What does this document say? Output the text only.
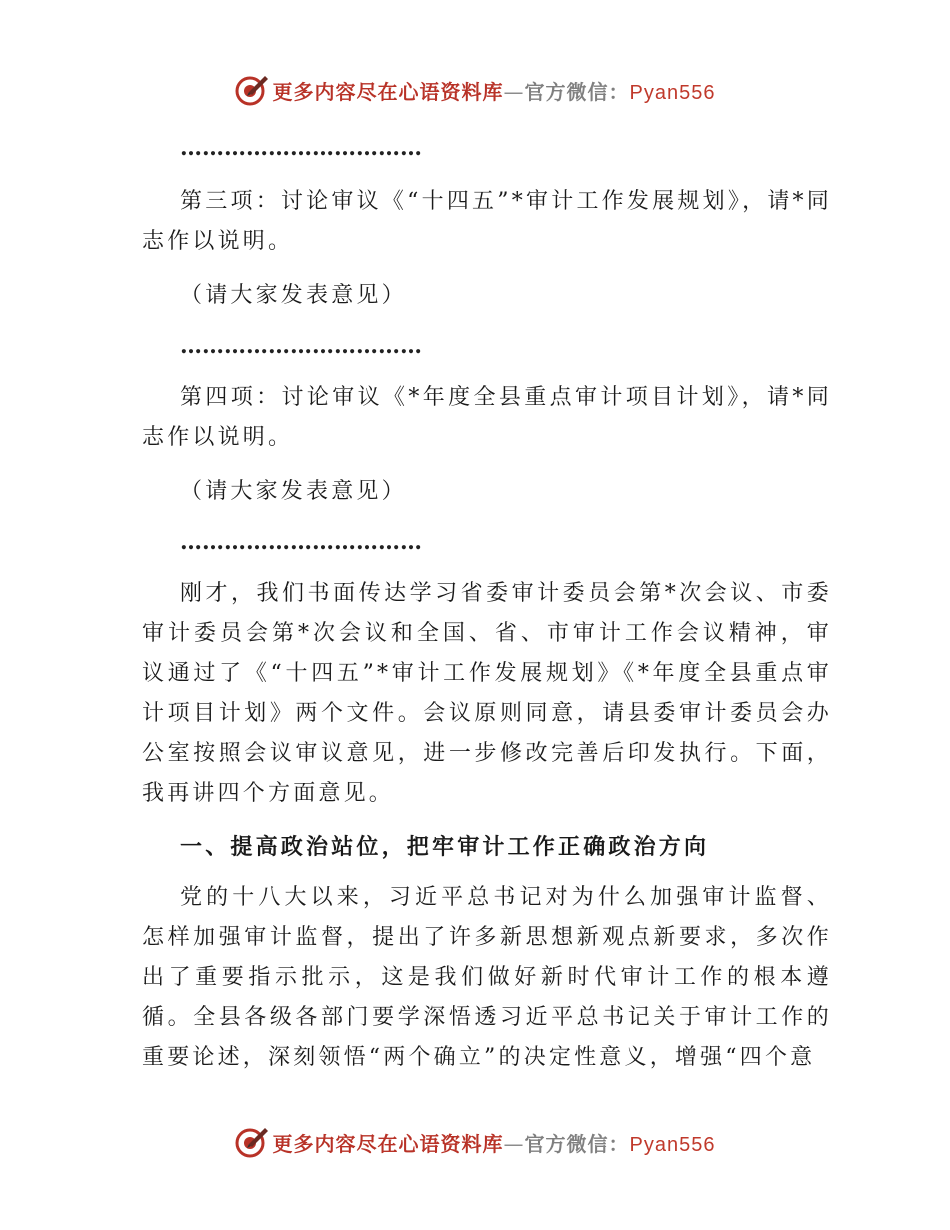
更多内容尽在心语资料库—官方微信：Pyan556

……………………………

第三项：讨论审议《“十四五”*审计工作发展规划》，请*同志作以说明。

（请大家发表意见）

……………………………

第四项：讨论审议《*年度全县重点审计项目计划》，请*同志作以说明。

（请大家发表意见）

……………………………

刚才，我们书面传达学习省委审计委员会第*次会议、市委审计委员会第*次会议和全国、省、市审计工作会议精神，审议通过了《“十四五”*审计工作发展规划》《*年度全县重点审计项目计划》两个文件。会议原则同意，请县委审计委员会办公室按照会议审议意见，进一步修改完善后印发执行。下面，我再讲四个方面意见。

一、提高政治站位，把牢审计工作正确政治方向

党的十八大以来，习近平总书记对为什么加强审计监督、怎样加强审计监督，提出了许多新思想新观点新要求，多次作出了重要指示批示，这是我们做好新时代审计工作的根本遵循。全县各级各部门要学深悟透习近平总书记关于审计工作的重要论述，深刻领悟“两个确立”的决定性意义，增强“四个意

更多内容尽在心语资料库—官方微信：Pyan556
